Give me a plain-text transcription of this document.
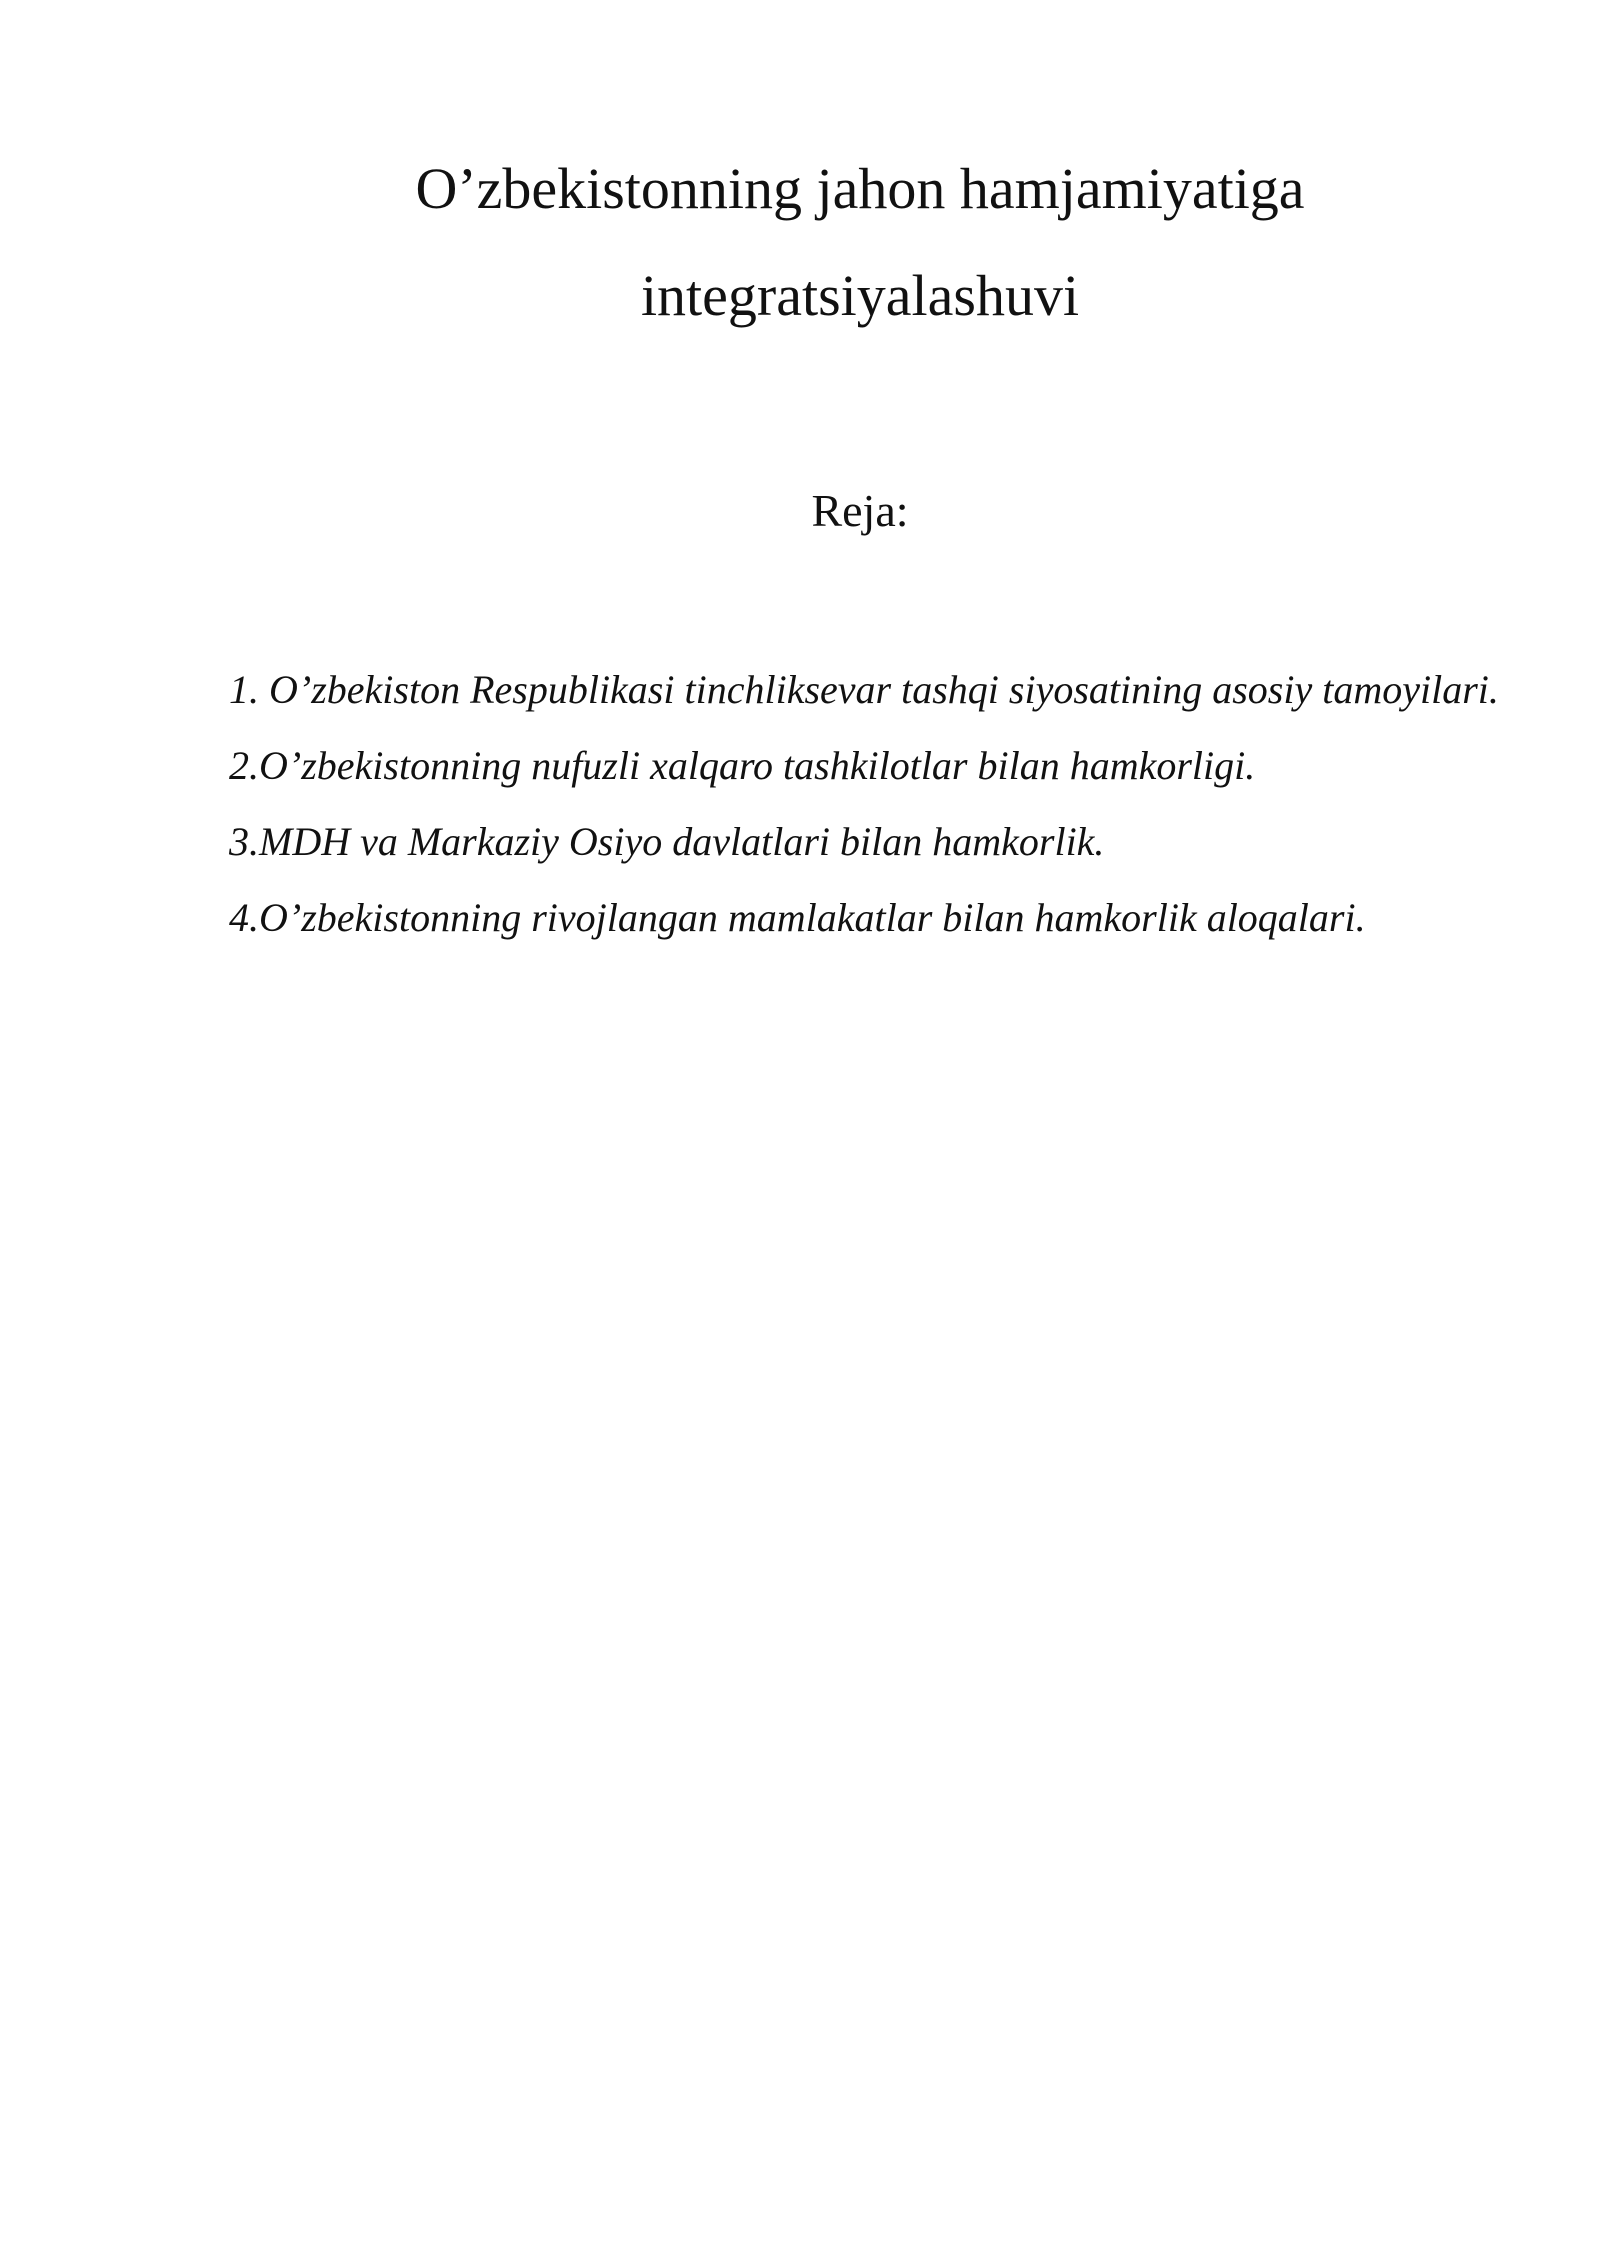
O’zbekistonning jahon hamjamiyatiga
integratsiyalashuvi
Reja:
1. O’zbekiston Respublikasi tinchliksevar tashqi siyosatining asosiy tamoyilari.
2.O’zbekistonning nufuzli xalqaro tashkilotlar bilan hamkorligi.
3.MDH va Markaziy Osiyo davlatlari bilan hamkorlik.
4.O’zbekistonning rivojlangan mamlakatlar bilan hamkorlik aloqalari.
